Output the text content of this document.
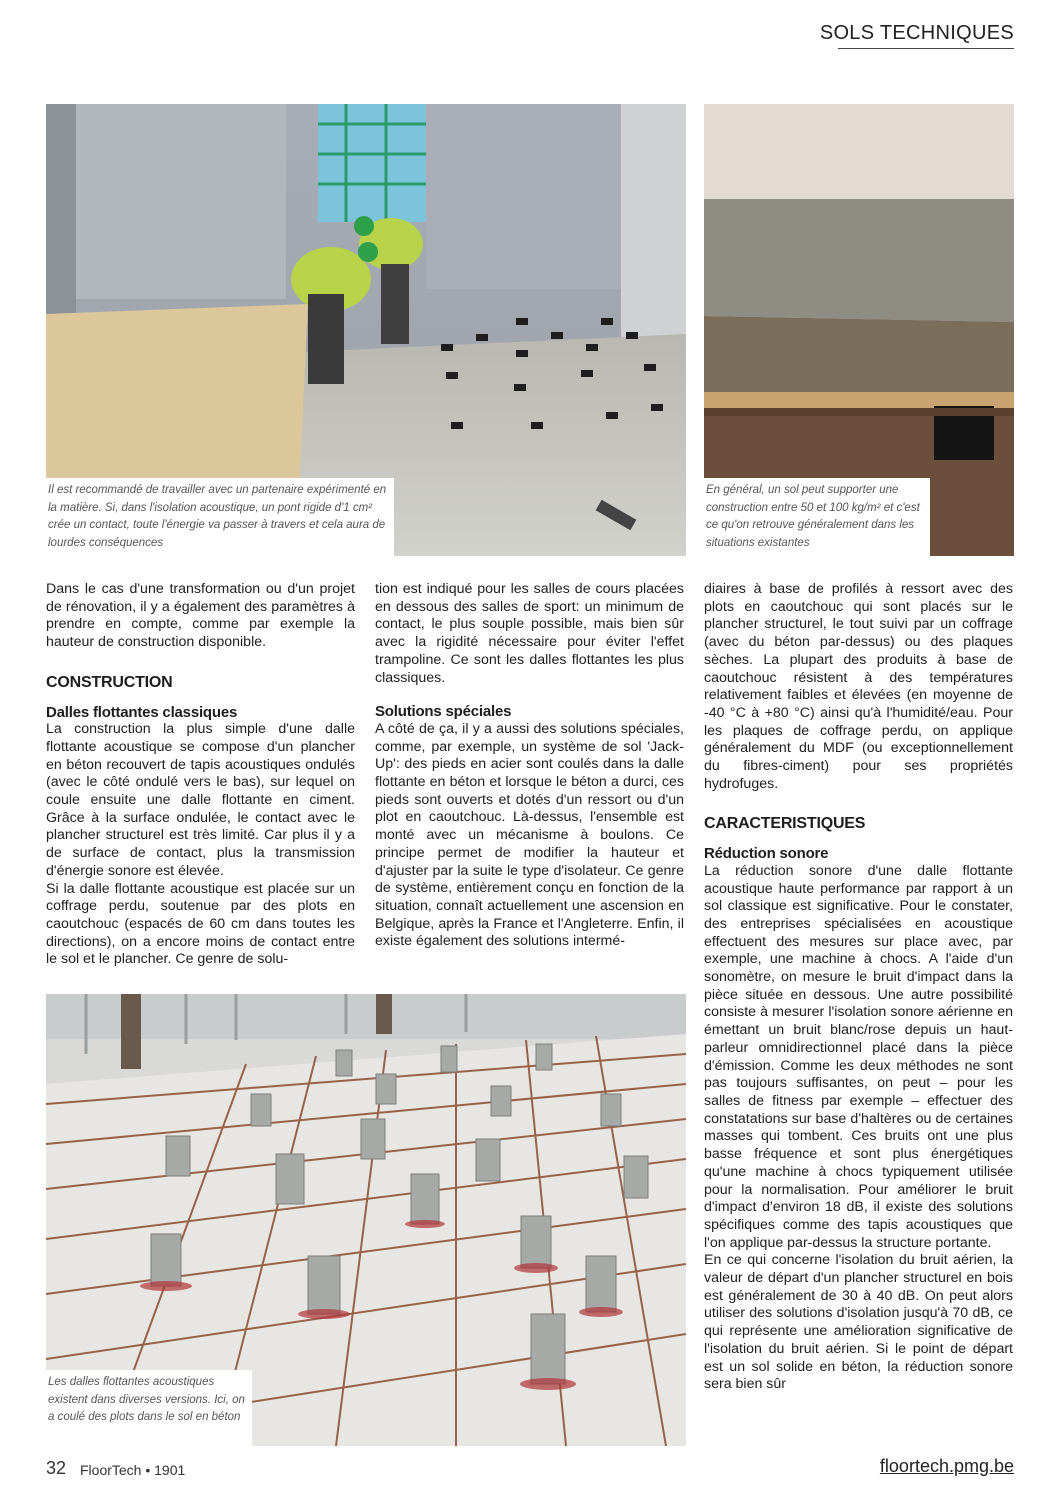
SOLS TECHNIQUES
Il est recommandé de travailler avec un partenaire expérimenté en la matière. Si, dans l'isolation acoustique, un pont rigide d'1 cm² crée un contact, toute l'énergie va passer à travers et cela aura de lourdes conséquences
En général, un sol peut supporter une construction entre 50 et 100 kg/m² et c'est ce qu'on retrouve généralement dans les situations existantes

Dans le cas d'une transformation ou d'un projet de rénovation, il y a également des paramètres à prendre en compte, comme par exemple la hauteur de construction disponible.

CONSTRUCTION
Dalles flottantes classiques

La construction la plus simple d'une dalle flottante acoustique se compose d'un plancher en béton recouvert de tapis acoustiques ondulés (avec le côté ondulé vers le bas), sur lequel on coule ensuite une dalle flottante en ciment. Grâce à la surface ondulée, le contact avec le plancher structurel est très limité. Car plus il y a de surface de contact, plus la transmission d'énergie sonore est élevée.

Si la dalle flottante acoustique est placée sur un coffrage perdu, soutenue par des plots en caoutchouc (espacés de 60 cm dans toutes les directions), on a encore moins de contact entre le sol et le plancher. Ce genre de solu-

tion est indiqué pour les salles de cours placées en dessous des salles de sport: un minimum de contact, le plus souple possible, mais bien sûr avec la rigidité nécessaire pour éviter l'effet trampoline. Ce sont les dalles flottantes les plus classiques.

Solutions spéciales

A côté de ça, il y a aussi des solutions spéciales, comme, par exemple, un système de sol 'Jack-Up': des pieds en acier sont coulés dans la dalle flottante en béton et lorsque le béton a durci, ces pieds sont ouverts et dotés d'un ressort ou d'un plot en caoutchouc. Là-dessus, l'ensemble est monté avec un mécanisme à boulons. Ce principe permet de modifier la hauteur et d'ajuster par la suite le type d'isolateur. Ce genre de système, entièrement conçu en fonction de la situation, connaît actuellement une ascension en Belgique, après la France et l'Angleterre. Enfin, il existe également des solutions intermé-

diaires à base de profilés à ressort avec des plots en caoutchouc qui sont placés sur le plancher structurel, le tout suivi par un coffrage (avec du béton par-dessus) ou des plaques sèches. La plupart des produits à base de caoutchouc résistent à des températures relativement faibles et élevées (en moyenne de -40 °C à +80 °C) ainsi qu'à l'humidité/eau. Pour les plaques de coffrage perdu, on applique généralement du MDF (ou exceptionnellement du fibres-ciment) pour ses propriétés hydrofuges.

CARACTERISTIQUES
Réduction sonore

La réduction sonore d'une dalle flottante acoustique haute performance par rapport à un sol classique est significative. Pour le constater, des entreprises spécialisées en acoustique effectuent des mesures sur place avec, par exemple, une machine à chocs. A l'aide d'un sonomètre, on mesure le bruit d'impact dans la pièce située en dessous. Une autre possibilité consiste à mesurer l'isolation sonore aérienne en émettant un bruit blanc/rose depuis un haut-parleur omnidirectionnel placé dans la pièce d'émission. Comme les deux méthodes ne sont pas toujours suffisantes, on peut – pour les salles de fitness par exemple – effectuer des constatations sur base d'haltères ou de certaines masses qui tombent. Ces bruits ont une plus basse fréquence et sont plus énergétiques qu'une machine à chocs typiquement utilisée pour la normalisation. Pour améliorer le bruit d'impact d'environ 18 dB, il existe des solutions spécifiques comme des tapis acoustiques que l'on applique par-dessus la structure portante.

En ce qui concerne l'isolation du bruit aérien, la valeur de départ d'un plancher structurel en bois est généralement de 30 à 40 dB. On peut alors utiliser des solutions d'isolation jusqu'à 70 dB, ce qui représente une amélioration significative de l'isolation du bruit aérien. Si le point de départ est un sol solide en béton, la réduction sonore sera bien sûr

Les dalles flottantes acoustiques existent dans diverses versions. Ici, on a coulé des plots dans le sol en béton
32 FloorTech • 1901	floortech.pmg.be
